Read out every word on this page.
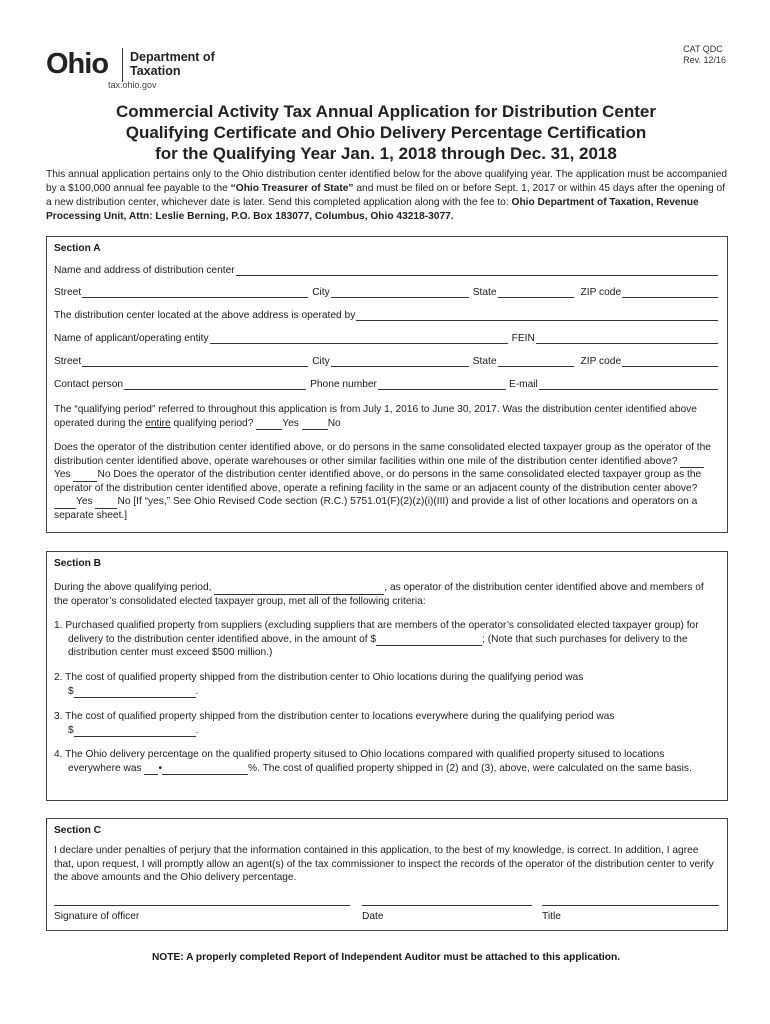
Ohio Department of
Taxation
tax.ohio.gov
CAT QDC
Rev. 12/16
Commercial Activity Tax Annual Application for Distribution Center
Qualifying Certificate and Ohio Delivery Percentage Certification
for the Qualifying Year Jan. 1, 2018 through Dec. 31, 2018
This annual application pertains only to the Ohio distribution center identified below for the above qualifying year. The application must be accompanied by a $100,000 annual fee payable to the “Ohio Treasurer of State” and must be filed on or before Sept. 1, 2017 or within 45 days after the opening of a new distribution center, whichever date is later. Send this completed application along with the fee to: Ohio Department of Taxation, Revenue Processing Unit, Attn: Leslie Berning, P.O. Box 183077, Columbus, Ohio 43218-3077.
Section A
Name and address of distribution center
Street	City	State	ZIP code
The distribution center located at the above address is operated by
Name of applicant/operating entity	FEIN
Street	City	State	ZIP code
Contact person	Phone number	E-mail
The “qualifying period” referred to throughout this application is from July 1, 2016 to June 30, 2017. Was the distribution center identified above operated during the entire qualifying period?	Yes	No
Does the operator of the distribution center identified above, or do persons in the same consolidated elected taxpayer group as the operator of the distribution center identified above, operate warehouses or other similar facilities within one mile of the distribution center identified above? Yes	No Does the operator of the distribution center identified above, or do persons in the same consolidated elected taxpayer group as the operator of the distribution center identified above, operate a refining facility in the same or an adjacent county of the distribution center above? Yes No [If “yes,” See Ohio Revised Code section (R.C.) 5751.01(F)(2)(z)(i)(III) and provide a list of other locations and operators on a separate sheet.]
Section B
During the above qualifying period,	, as operator of the distribution center identified above and members of the operator’s consolidated elected taxpayer group, met all of the following criteria:
1. Purchased qualified property from suppliers (excluding suppliers that are members of the operator’s consolidated elected taxpayer group) for delivery to the distribution center identified above, in the amount of $	; (Note that such purchases for delivery to the distribution center must exceed $500 million.)
2. The cost of qualified property shipped from the distribution center to Ohio locations during the qualifying period was
$	.
3. The cost of qualified property shipped from the distribution center to locations everywhere during the qualifying period was
$	.
4. The Ohio delivery percentage on the qualified property sitused to Ohio locations compared with qualified property sitused to locations everywhere was •	%. The cost of qualified property shipped in (2) and (3), above, were calculated on the same basis.
Section C
I declare under penalties of perjury that the information contained in this application, to the best of my knowledge, is correct. In addition, I agree that, upon request, I will promptly allow an agent(s) of the tax commissioner to inspect the records of the operator of the distribution center to verify the above amounts and the Ohio delivery percentage.
Signature of officer	Date	Title
NOTE: A properly completed Report of Independent Auditor must be attached to this application.
